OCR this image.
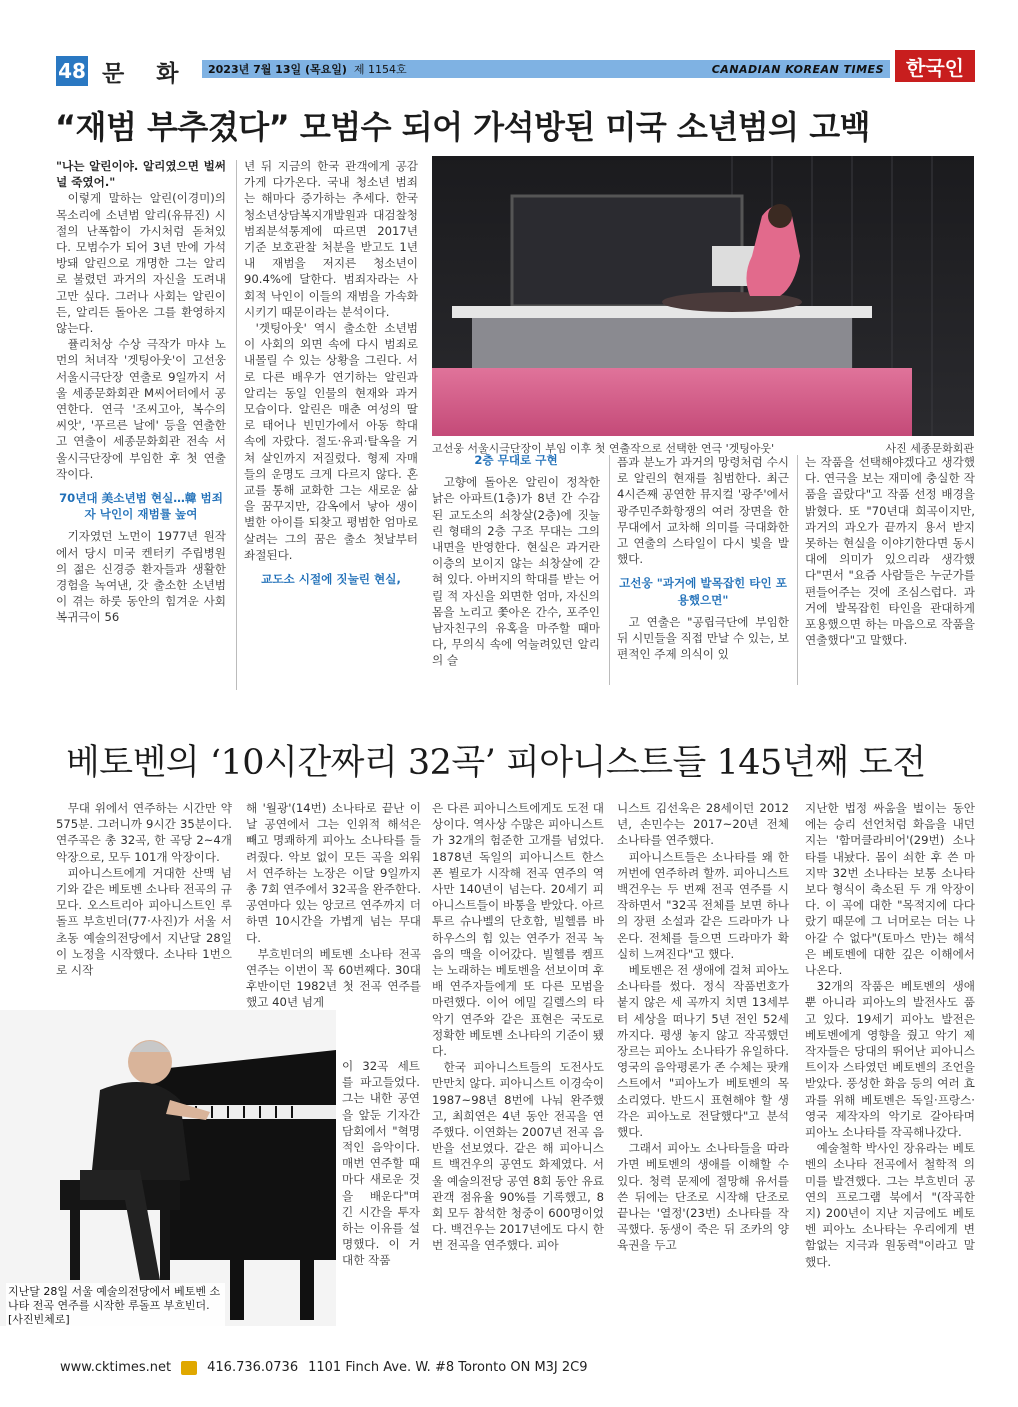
48 문 화 2023년 7월 13일 (목요일) 제 1154호	CANADIAN KOREAN TIMES	한국인
“재범 부추겼다” 모범수 되어 가석방된 미국 소년범의 고백

"나는 알린이야. 알리였으면 벌써 널 죽였어."

이렇게 말하는 알린(이경미)의 목소리에 소년범 알리(유뮤진) 시절의 난폭함이 가시처럼 돋쳐있다. 모범수가 되어 3년 만에 가석방돼 알린으로 개명한 그는 알리로 불렸던 과거의 자신을 도려내고만 싶다. 그러나 사회는 알린이든, 알리든 돌아온 그를 환영하지 않는다.

퓰리처상 수상 극작가 마샤 노먼의 처녀작 '겟팅아웃'이 고선웅 서울시극단장 연출로 9일까지 서울 세종문화회관 M씨어터에서 공연한다. 연극 '조씨고아, 복수의 씨앗', '푸르른 날에' 등을 연출한 고 연출이 세종문화회관 전속 서울시극단장에 부임한 후 첫 연출작이다.

70년대 美소년범 현실…韓 범죄자 낙인이 재범률 높여

기자였던 노먼이 1977년 원작에서 당시 미국 켄터키 주립병원의 젊은 신경증 환자들과 생활한 경험을 녹여낸, 갓 출소한 소년범이 겪는 하룻 동안의 힘겨운 사회 복귀극이 56

년 뒤 지금의 한국 관객에게 공감가게 다가온다. 국내 청소년 범죄는 해마다 증가하는 추세다. 한국청소년상담복지개발원과 대검찰청 범죄분석통계에 따르면 2017년 기준 보호관찰 처분을 받고도 1년 내 재범을 저지른 청소년이 90.4%에 달한다. 범죄자라는 사회적 낙인이 이들의 재범을 가속화시키기 때문이라는 분석이다.

'겟팅아웃' 역시 출소한 소년범이 사회의 외면 속에 다시 범죄로 내몰릴 수 있는 상황을 그린다. 서로 다른 배우가 연기하는 알린과 알리는 동일 인물의 현재와 과거 모습이다. 알린은 매춘 여성의 딸로 태어나 빈민가에서 아동 학대 속에 자랐다. 절도·유괴·탈옥을 거쳐 살인까지 저질렀다. 형제 자매들의 운명도 크게 다르지 않다. 혼교를 통해 교화한 그는 새로운 삶을 꿈꾸지만, 감옥에서 낳아 생이별한 아이를 되찾고 평범한 엄마로 살려는 그의 꿈은 출소 첫날부터 좌절된다.

교도소 시절에 짓눌린 현실,

고선웅 서울시극단장이 부임 이후 첫 연출작으로 선택한 연극 '겟팅아웃'	사진 세종문화회관

2층 무대로 구현

고향에 돌아온 알린이 정착한 낡은 아파트(1층)가 8년 간 수감된 교도소의 쇠창살(2층)에 짓눌린 형태의 2층 구조 무대는 그의 내면을 반영한다. 현실은 과거란 이층의 보이지 않는 쇠창살에 갇혀 있다. 아버지의 학대를 받는 어릴 적 자신을 외면한 엄마, 자신의 몸을 노리고 쫓아온 간수, 포주인 남자친구의 유혹을 마주할 때마다, 무의식 속에 억눌려있던 알리의 슬

픔과 분노가 과거의 망령처럼 수시로 알린의 현재를 침범한다. 최근 4시즌째 공연한 뮤지컬 '광주'에서 광주민주화항쟁의 여러 장면을 한 무대에서 교차해 의미를 극대화한 고 연출의 스타일이 다시 빛을 발했다.

고선웅 "과거에 발목잡힌 타인 포용했으면"

고 연출은 "공립극단에 부임한 뒤 시민들을 직접 만날 수 있는, 보편적인 주제 의식이 있

는 작품을 선택해야겠다고 생각했다. 연극을 보는 재미에 충실한 작품을 골랐다"고 작품 선정 배경을 밝혔다. 또 "70년대 희곡이지만, 과거의 과오가 끝까지 용서 받지 못하는 현실을 이야기한다면 동시대에 의미가 있으리라 생각했다"면서 "요즘 사람들은 누군가를 편들어주는 것에 조심스럽다. 과거에 발목잡힌 타인을 관대하게 포용했으면 하는 마음으로 작품을 연출했다"고 말했다.

베토벤의 ‘10시간짜리 32곡’ 피아니스트들 145년째 도전

무대 위에서 연주하는 시간만 약 575분. 그러니까 9시간 35분이다. 연주곡은 총 32곡, 한 곡당 2~4개 악장으로, 모두 101개 악장이다.

피아니스트에게 거대한 산맥 넘기와 같은 베토벤 소나타 전곡의 규모다. 오스트리아 피아니스트인 루돌프 부흐빈더(77·사진)가 서울 서초동 예술의전당에서 지난달 28일 이 노정을 시작했다. 소나타 1번으로 시작

해 '월광'(14번) 소나타로 끝난 이 날 공연에서 그는 인위적 해석은 빼고 명쾌하게 피아노 소나타를 들려줬다. 악보 없이 모든 곡을 외워서 연주하는 노장은 이달 9일까지 총 7회 연주에서 32곡을 완주한다. 공연마다 있는 앙코르 연주까지 더하면 10시간을 가볍게 넘는 무대다.

부흐빈더의 베토벤 소나타 전곡 연주는 이번이 꼭 60번째다. 30대 후반이던 1982년 첫 전곡 연주를 했고 40년 넘게

이 32곡 세트를 파고들었다. 그는 내한 공연을 앞둔 기자간담회에서 "혁명적인 음악이다. 매번 연주할 때마다 새로운 것을 배운다"며 긴 시간을 투자하는 이유를 설명했다. 이 거대한 작품

지난달 28일 서울 예술의전당에서 베토벤 소나타 전곡 연주를 시작한 루돌프 부흐빈더. [사진빈체로]

은 다른 피아니스트에게도 도전 대상이다. 역사상 수많은 피아니스트가 32개의 험준한 고개를 넘었다. 1878년 독일의 피아니스트 한스 폰 뷜로가 시작해 전곡 연주의 역사만 140년이 넘는다. 20세기 피아니스트들이 바통을 받았다. 아르투르 슈나벨의 단호함, 빌헬름 바하우스의 힘 있는 연주가 전곡 녹음의 맥을 이어갔다. 빌헬름 켐프는 노래하는 베토벤을 선보이며 후배 연주자들에게 또 다른 모범을 마련했다. 이어 에밀 길렐스의 타악기 연주와 같은 표현은 국도로 정확한 베토벤 소나타의 기준이 됐다.

한국 피아니스트들의 도전사도 만만치 않다. 피아니스트 이경숙이 1987~98년 8번에 나눠 완주했고, 최희연은 4년 동안 전곡을 연주했다. 이연화는 2007년 전곡 음반을 선보였다. 같은 해 피아니스트 백건우의 공연도 화제였다. 서울 예술의전당 공연 8회 동안 유료 관객 점유율 90%를 기록했고, 8회 모두 참석한 청중이 600명이었다. 백건우는 2017년에도 다시 한번 전곡을 연주했다. 피아

니스트 김선욱은 28세이던 2012년, 손민수는 2017~20년 전체 소나타를 연주했다.

피아니스트들은 소나타를 왜 한꺼번에 연주하려 할까. 피아니스트 백건우는 두 번째 전곡 연주를 시작하면서 "32곡 전체를 보면 하나의 장편 소설과 같은 드라마가 나온다. 전체를 들으면 드라마가 확실히 느껴진다"고 했다.

베토벤은 전 생애에 걸쳐 피아노 소나타를 썼다. 정식 작품번호가 붙지 않은 세 곡까지 치면 13세부터 세상을 떠나기 5년 전인 52세까지다. 평생 놓지 않고 작곡했던 장르는 피아노 소나타가 유일하다. 영국의 음악평론가 존 수체는 팟캐스트에서 "피아노가 베토벤의 목소리였다. 반드시 표현해야 할 생각은 피아노로 전달했다"고 분석했다.

그래서 피아노 소나타들을 따라가면 베토벤의 생애를 이해할 수 있다. 청력 문제에 절망해 유서를 쓴 뒤에는 단조로 시작해 단조로 끝나는 '열정'(23번) 소나타를 작곡했다. 동생이 죽은 뒤 조카의 양육권을 두고

지난한 법정 싸움을 벌이는 동안에는 승리 선언처럼 화음을 내던지는 '함머클라비어'(29번) 소나타를 내놨다. 몸이 쇠한 후 쓴 마지막 32번 소나타는 보통 소나타보다 형식이 축소된 두 개 악장이다. 이 곡에 대한 "목적지에 다다랐기 때문에 그 너머로는 더는 나아갈 수 없다"(토마스 만)는 해석은 베토벤에 대한 깊은 이해에서 나온다.

32개의 작품은 베토벤의 생애뿐 아니라 피아노의 발전사도 품고 있다. 19세기 피아노 발전은 베토벤에게 영향을 줬고 악기 제작자들은 당대의 뛰어난 피아니스트이자 스타였던 베토벤의 조언을 받았다. 풍성한 화음 등의 여러 효과를 위해 베토벤은 독일·프랑스·영국 제작자의 악기로 갈아타며 피아노 소나타를 작곡해나갔다.

예술철학 박사인 장유라는 베토벤의 소나타 전곡에서 철학적 의미를 발견했다. 그는 부흐빈더 공연의 프로그램 북에서 "(작곡한 지) 200년이 지난 지금에도 베토벤 피아노 소나타는 우리에게 변함없는 지극과 원동력"이라고 말했다.

www.cktimes.net	416.736.0736 1101 Finch Ave. W. #8 Toronto ON M3J 2C9
